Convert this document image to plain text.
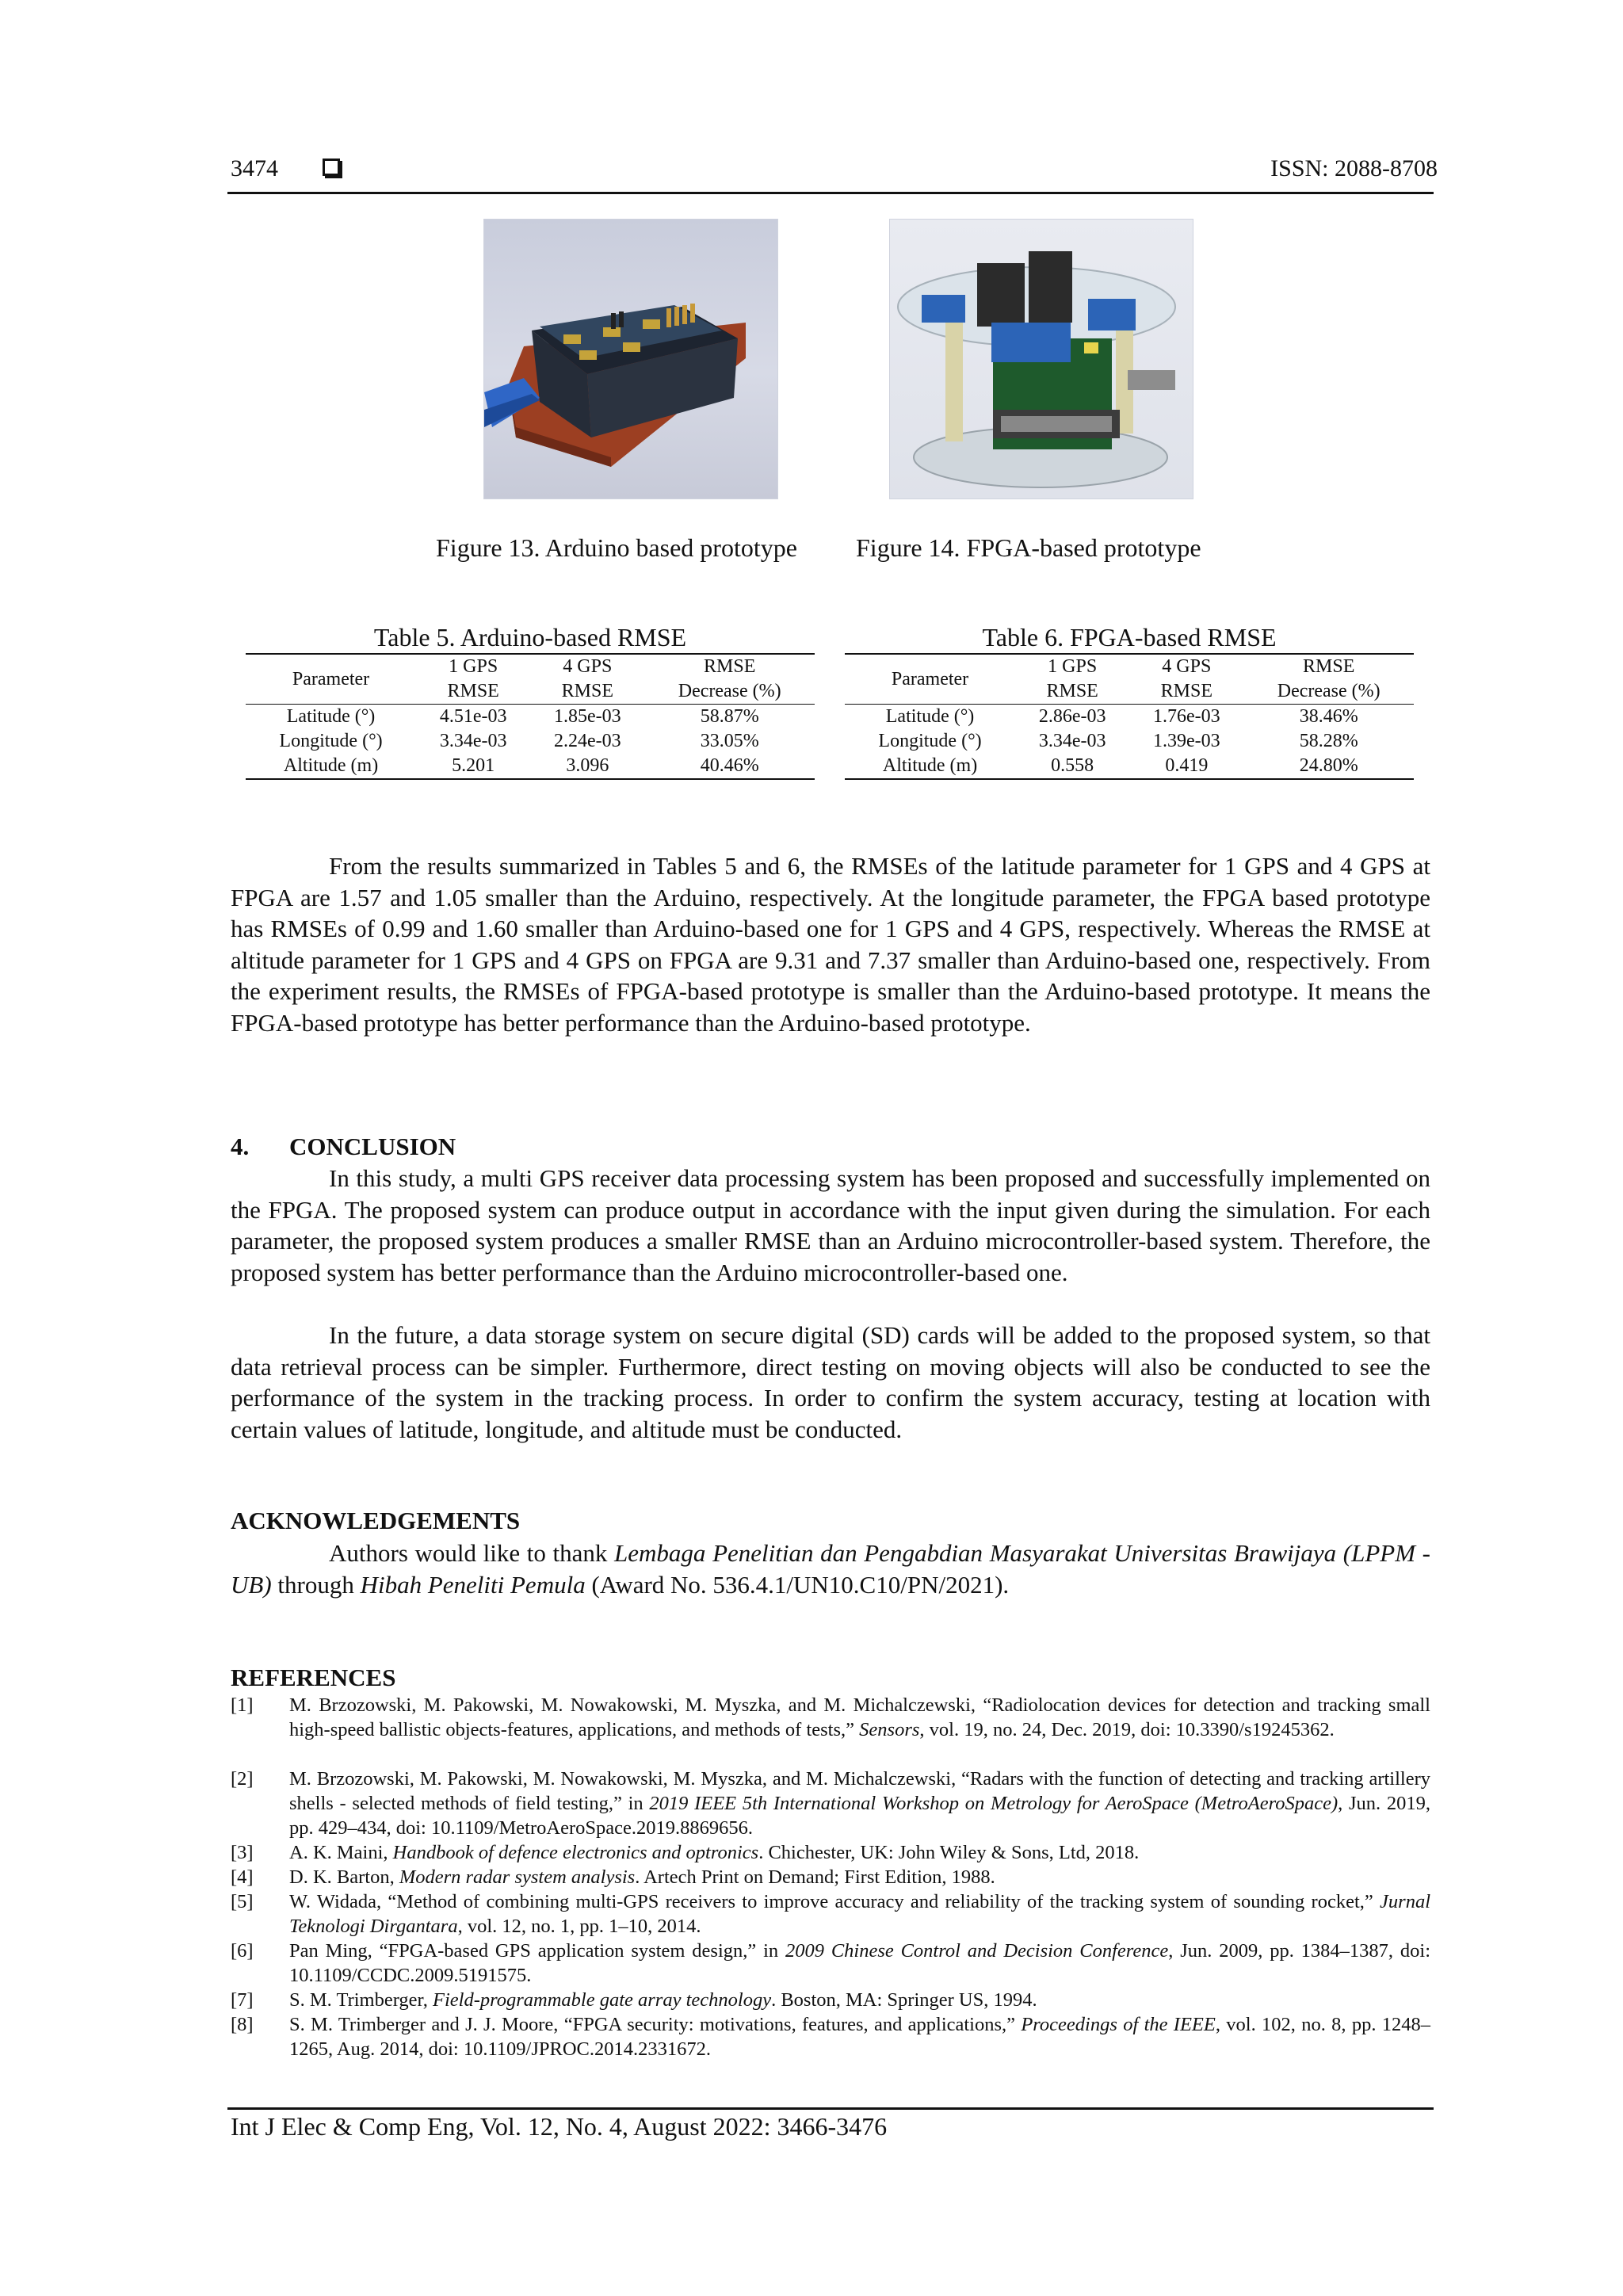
3474	ISSN: 2088-8708
Figure 13. Arduino based prototype Figure 14. FPGA-based prototype
Table 5. Arduino-based RMSE
Parameter	1 GPS	4 GPS	RMSE
	RMSE	RMSE	Decrease (%)
Latitude (°)	4.51e-03	1.85e-03	58.87%
Longitude (°)	3.34e-03	2.24e-03	33.05%
Altitude (m)	5.201	3.096	40.46%
Table 6. FPGA-based RMSE
Parameter	1 GPS	4 GPS	RMSE
	RMSE	RMSE	Decrease (%)
Latitude (°)	2.86e-03	1.76e-03	38.46%
Longitude (°)	3.34e-03	1.39e-03	58.28%
Altitude (m)	0.558	0.419	24.80%
From the results summarized in Tables 5 and 6, the RMSEs of the latitude parameter for 1 GPS and 4 GPS at FPGA are 1.57 and 1.05 smaller than the Arduino, respectively. At the longitude parameter, the FPGA based prototype has RMSEs of 0.99 and 1.60 smaller than Arduino-based one for 1 GPS and 4 GPS, respectively. Whereas the RMSE at altitude parameter for 1 GPS and 4 GPS on FPGA are 9.31 and 7.37 smaller than Arduino-based one, respectively. From the experiment results, the RMSEs of FPGA-based prototype is smaller than the Arduino-based prototype. It means the FPGA-based prototype has better performance than the Arduino-based prototype.
4. CONCLUSION
In this study, a multi GPS receiver data processing system has been proposed and successfully implemented on the FPGA. The proposed system can produce output in accordance with the input given during the simulation. For each parameter, the proposed system produces a smaller RMSE than an Arduino microcontroller-based system. Therefore, the proposed system has better performance than the Arduino microcontroller-based one.
In the future, a data storage system on secure digital (SD) cards will be added to the proposed system, so that data retrieval process can be simpler. Furthermore, direct testing on moving objects will also be conducted to see the performance of the system in the tracking process. In order to confirm the system accuracy, testing at location with certain values of latitude, longitude, and altitude must be conducted.
ACKNOWLEDGEMENTS
Authors would like to thank Lembaga Penelitian dan Pengabdian Masyarakat Universitas Brawijaya (LPPM - UB) through Hibah Peneliti Pemula (Award No. 536.4.1/UN10.C10/PN/2021).
REFERENCES
[1] M. Brzozowski, M. Pakowski, M. Nowakowski, M. Myszka, and M. Michalczewski, “Radiolocation devices for detection and tracking small high-speed ballistic objects-features, applications, and methods of tests,” Sensors, vol. 19, no. 24, Dec. 2019, doi: 10.3390/s19245362.
[2] M. Brzozowski, M. Pakowski, M. Nowakowski, M. Myszka, and M. Michalczewski, “Radars with the function of detecting and tracking artillery shells - selected methods of field testing,” in 2019 IEEE 5th International Workshop on Metrology for AeroSpace (MetroAeroSpace), Jun. 2019, pp. 429–434, doi: 10.1109/MetroAeroSpace.2019.8869656.
[3] A. K. Maini, Handbook of defence electronics and optronics. Chichester, UK: John Wiley & Sons, Ltd, 2018.
[4] D. K. Barton, Modern radar system analysis. Artech Print on Demand; First Edition, 1988.
[5] W. Widada, “Method of combining multi-GPS receivers to improve accuracy and reliability of the tracking system of sounding rocket,” Jurnal Teknologi Dirgantara, vol. 12, no. 1, pp. 1–10, 2014.
[6] Pan Ming, “FPGA-based GPS application system design,” in 2009 Chinese Control and Decision Conference, Jun. 2009, pp. 1384–1387, doi: 10.1109/CCDC.2009.5191575.
[7] S. M. Trimberger, Field-programmable gate array technology. Boston, MA: Springer US, 1994.
[8] S. M. Trimberger and J. J. Moore, “FPGA security: motivations, features, and applications,” Proceedings of the IEEE, vol. 102, no. 8, pp. 1248–1265, Aug. 2014, doi: 10.1109/JPROC.2014.2331672.
Int J Elec & Comp Eng, Vol. 12, No. 4, August 2022: 3466-3476
